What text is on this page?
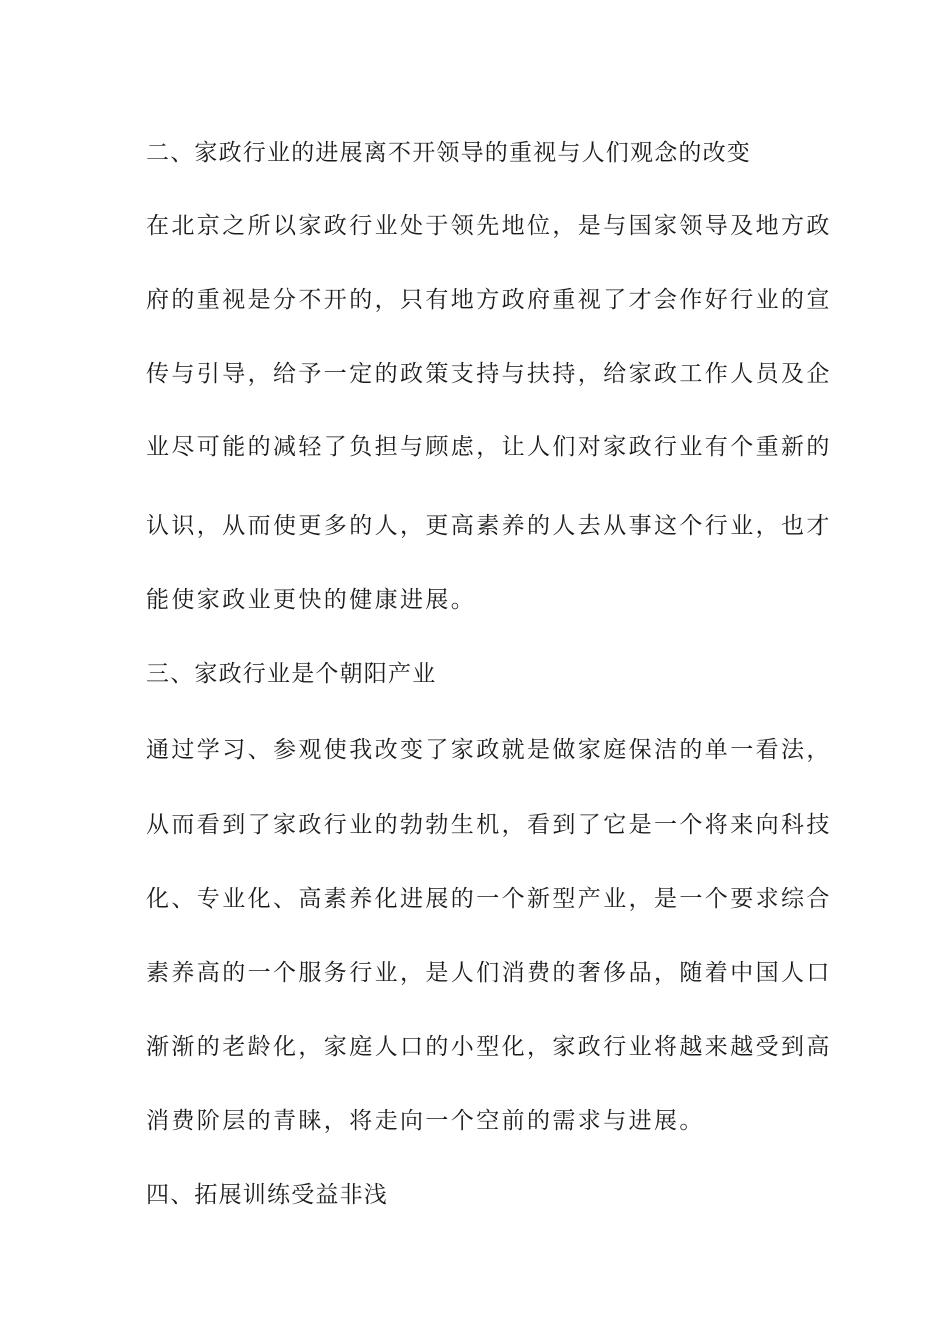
二、家政行业的进展离不开领导的重视与人们观念的改变
在北京之所以家政行业处于领先地位，是与国家领导及地方政
府的重视是分不开的，只有地方政府重视了才会作好行业的宣
传与引导，给予一定的政策支持与扶持，给家政工作人员及企
业尽可能的减轻了负担与顾虑，让人们对家政行业有个重新的
认识，从而使更多的人，更高素养的人去从事这个行业，也才
能使家政业更快的健康进展。
三、家政行业是个朝阳产业
通过学习、参观使我改变了家政就是做家庭保洁的单一看法，
从而看到了家政行业的勃勃生机，看到了它是一个将来向科技
化、专业化、高素养化进展的一个新型产业，是一个要求综合
素养高的一个服务行业，是人们消费的奢侈品，随着中国人口
渐渐的老龄化，家庭人口的小型化，家政行业将越来越受到高
消费阶层的青睐，将走向一个空前的需求与进展。
四、拓展训练受益非浅
